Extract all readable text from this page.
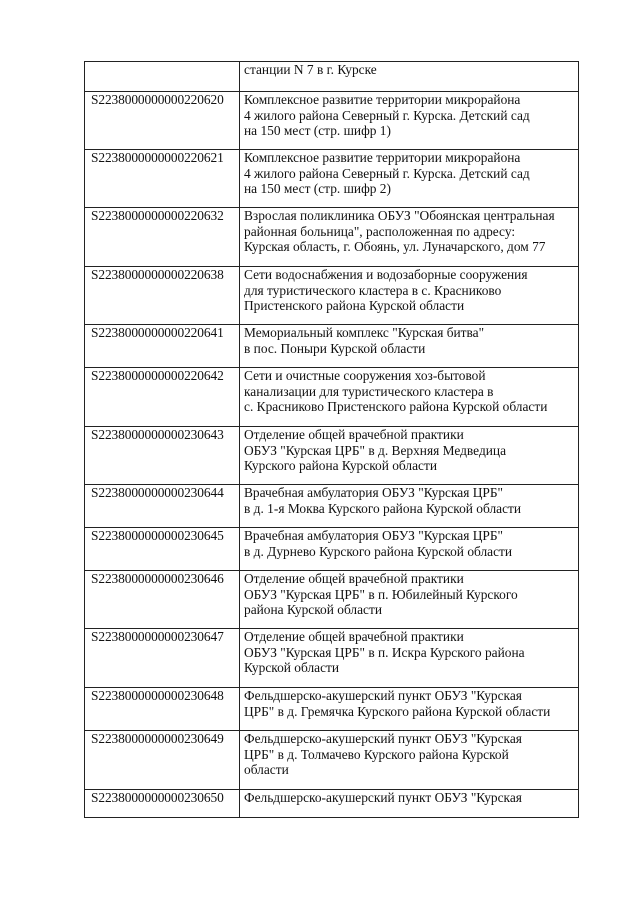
	станции N 7 в г. Курске

S2238000000000220620	Комплексное развитие территории микрорайона
4 жилого района Северный г. Курска. Детский сад
на 150 мест (стр. шифр 1)

S2238000000000220621	Комплексное развитие территории микрорайона
4 жилого района Северный г. Курска. Детский сад
на 150 мест (стр. шифр 2)

S2238000000000220632	Взрослая поликлиника ОБУЗ "Обоянская центральная
районная больница", расположенная по адресу:
Курская область, г. Обоянь, ул. Луначарского, дом 77

S2238000000000220638	Сети водоснабжения и водозаборные сооружения
для туристического кластера в с. Красниково
Пристенского района Курской области

S2238000000000220641	Мемориальный комплекс "Курская битва"
в пос. Поныри Курской области

S2238000000000220642	Сети и очистные сооружения хоз-бытовой
канализации для туристического кластера в
с. Красниково Пристенского района Курской области

S2238000000000230643	Отделение общей врачебной практики
ОБУЗ "Курская ЦРБ" в д. Верхняя Медведица
Курского района Курской области

S2238000000000230644	Врачебная амбулатория ОБУЗ "Курская ЦРБ"
в д. 1-я Моква Курского района Курской области

S2238000000000230645	Врачебная амбулатория ОБУЗ "Курская ЦРБ"
в д. Дурнево Курского района Курской области

S2238000000000230646	Отделение общей врачебной практики
ОБУЗ "Курская ЦРБ" в п. Юбилейный Курского
района Курской области

S2238000000000230647	Отделение общей врачебной практики
ОБУЗ "Курская ЦРБ" в п. Искра Курского района
Курской области

S2238000000000230648	Фельдшерско-акушерский пункт ОБУЗ "Курская
ЦРБ" в д. Гремячка Курского района Курской области

S2238000000000230649	Фельдшерско-акушерский пункт ОБУЗ "Курская
ЦРБ" в д. Толмачево Курского района Курской
области

S2238000000000230650	Фельдшерско-акушерский пункт ОБУЗ "Курская
